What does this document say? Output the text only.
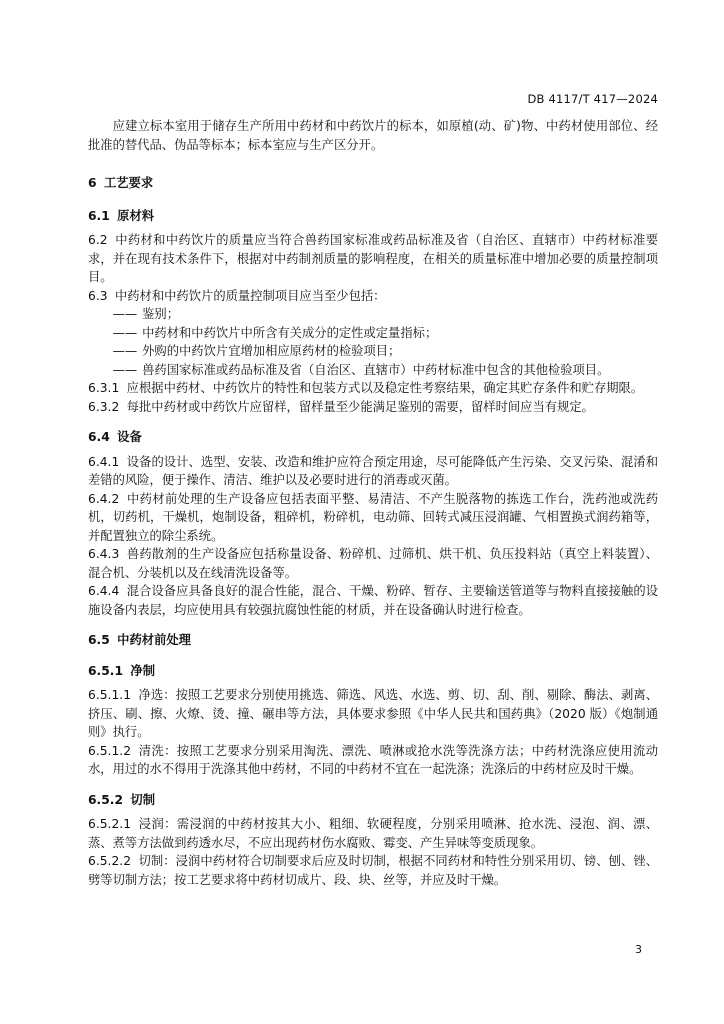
DB 4117/T 417—2024

应建立标本室用于储存生产所用中药材和中药饮片的标本，如原植(动、矿)物、中药材使用部位、经批准的替代品、伪品等标本；标本室应与生产区分开。

6 工艺要求

6.1 原材料

6.2 中药材和中药饮片的质量应当符合兽药国家标准或药品标准及省（自治区、直辖市）中药材标准要求，并在现有技术条件下，根据对中药制剂质量的影响程度，在相关的质量标准中增加必要的质量控制项目。

6.3 中药材和中药饮片的质量控制项目应当至少包括：

—— 鉴别；

—— 中药材和中药饮片中所含有关成分的定性或定量指标；

—— 外购的中药饮片宜增加相应原药材的检验项目；

—— 兽药国家标准或药品标准及省（自治区、直辖市）中药材标准中包含的其他检验项目。

6.3.1 应根据中药材、中药饮片的特性和包装方式以及稳定性考察结果，确定其贮存条件和贮存期限。

6.3.2 每批中药材或中药饮片应留样，留样量至少能满足鉴别的需要，留样时间应当有规定。

6.4 设备

6.4.1 设备的设计、选型、安装、改造和维护应符合预定用途，尽可能降低产生污染、交叉污染、混淆和差错的风险，便于操作、清洁、维护以及必要时进行的消毒或灭菌。

6.4.2 中药材前处理的生产设备应包括表面平整、易清洁、不产生脱落物的拣选工作台，洗药池或洗药机，切药机，干燥机，炮制设备，粗碎机，粉碎机，电动筛、回转式减压浸润罐、气相置换式润药箱等，并配置独立的除尘系统。

6.4.3 兽药散剂的生产设备应包括称量设备、粉碎机、过筛机、烘干机、负压投料站（真空上料装置）、混合机、分装机以及在线清洗设备等。

6.4.4 混合设备应具备良好的混合性能，混合、干燥、粉碎、暂存、主要输送管道等与物料直接接触的设施设备内表层，均应使用具有较强抗腐蚀性能的材质，并在设备确认时进行检查。

6.5 中药材前处理

6.5.1 净制

6.5.1.1 净选：按照工艺要求分别使用挑选、筛选、风选、水选、剪、切、刮、削、剔除、酶法、剥离、挤压、刷、擦、火燎、烫、撞、碾串等方法，具体要求参照《中华人民共和国药典》（2020 版）《炮制通则》执行。

6.5.1.2 清洗：按照工艺要求分别采用淘洗、漂洗、喷淋或抢水洗等洗涤方法；中药材洗涤应使用流动水，用过的水不得用于洗涤其他中药材，不同的中药材不宜在一起洗涤；洗涤后的中药材应及时干燥。

6.5.2 切制

6.5.2.1 浸润：需浸润的中药材按其大小、粗细、软硬程度，分别采用喷淋、抢水洗、浸泡、润、漂、蒸、煮等方法做到药透水尽，不应出现药材伤水腐败、霉变、产生异味等变质现象。

6.5.2.2 切制：浸润中药材符合切制要求后应及时切制，根据不同药材和特性分别采用切、镑、刨、锉、劈等切制方法；按工艺要求将中药材切成片、段、块、丝等，并应及时干燥。

3
